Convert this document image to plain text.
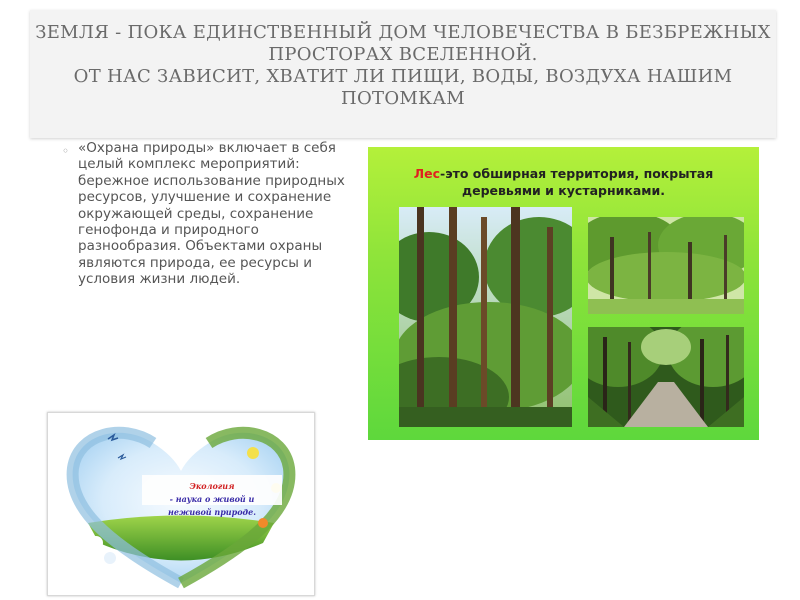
ЗЕМЛЯ - ПОКА ЕДИНСТВЕННЫЙ ДОМ ЧЕЛОВЕЧЕСТВА В БЕЗБРЕЖНЫХ
ПРОСТОРАХ ВСЕЛЕННОЙ.
ОТ НАС ЗАВИСИТ, ХВАТИТ ЛИ ПИЩИ, ВОДЫ, ВОЗДУХА НАШИМ
ПОТОМКАМ
◦ «Охрана природы» включает в себя целый комплекс мероприятий: бережное использование природных ресурсов, улучшение и сохранение окружающей среды, сохранение генофонда и природного разнообразия. Объектами охраны являются природа, ее ресурсы и условия жизни людей.
Лес-это обширная территория, покрытая
деревьями и кустарниками.
Экология
- наука о живой и
неживой природе.
